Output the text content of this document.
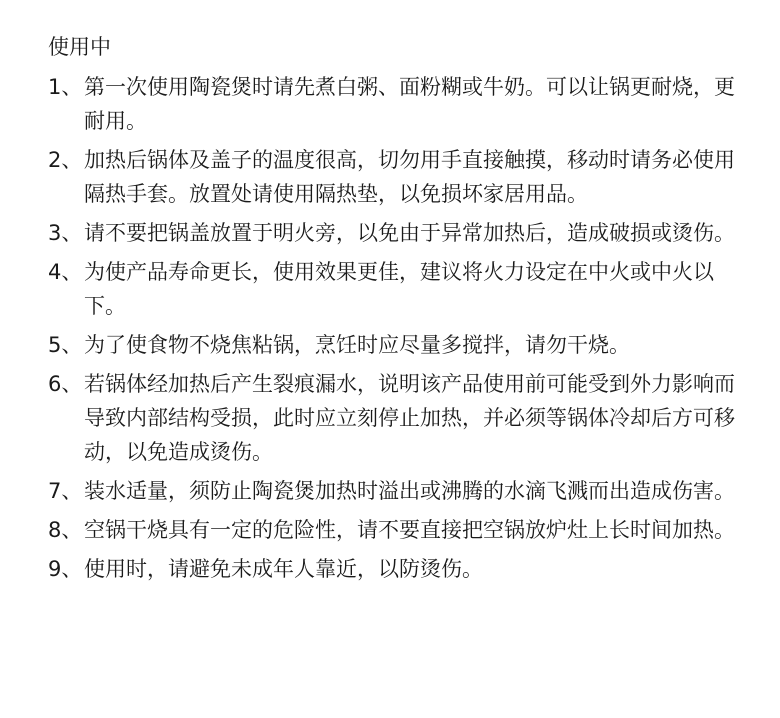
使用中
1、 第一次使用陶瓷煲时请先煮白粥、面粉糊或牛奶。可以让锅更耐烧，更耐用。
2、 加热后锅体及盖子的温度很高，切勿用手直接触摸，移动时请务必使用隔热手套。放置处请使用隔热垫，以免损坏家居用品。
3、 请不要把锅盖放置于明火旁，以免由于异常加热后，造成破损或烫伤。
4、 为使产品寿命更长，使用效果更佳，建议将火力设定在中火或中火以下。
5、 为了使食物不烧焦粘锅，烹饪时应尽量多搅拌，请勿干烧。
6、 若锅体经加热后产生裂痕漏水，说明该产品使用前可能受到外力影响而导致内部结构受损，此时应立刻停止加热，并必须等锅体冷却后方可移动，以免造成烫伤。
7、 装水适量，须防止陶瓷煲加热时溢出或沸腾的水滴飞溅而出造成伤害。
8、 空锅干烧具有一定的危险性，请不要直接把空锅放炉灶上长时间加热。
9、 使用时，请避免未成年人靠近，以防烫伤。
